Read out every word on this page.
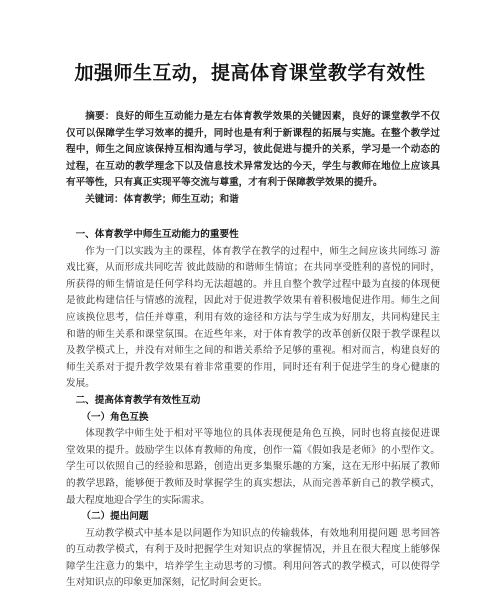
加强师生互动，提高体育课堂教学有效性

摘要：良好的师生互动能力是左右体育教学效果的关键因素，良好的课堂教学不仅仅可以保障学生学习效率的提升，同时也是有利于新课程的拓展与实施。在整个教学过程中，师生之间应该保持互相沟通与学习，彼此促进与提升的关系，学习是一个动态的过程，在互动的教学理念下以及信息技术异常发达的今天，学生与教师在地位上应该具有平等性，只有真正实现平等交流与尊重，才有利于保障教学效果的提升。

关键词：体育教学；师生互动；和谐

一、体育教学中师生互动能力的重要性

作为一门以实践为主的课程，体育教学在教学的过程中，师生之间应该共同练习 游戏比赛，从而形成共同吃苦 彼此鼓励的和谐师生情谊；在共同享受胜利的喜悦的同时，所获得的师生情谊是任何学科均无法超越的。并且自整个教学过程中最为直接的体现便是彼此构建信任与情感的流程，因此对于促进教学效果有着积极地促进作用。师生之间应该换位思考，信任并尊重，利用有效的途径和方法与学生成为好朋友，共同构建民主和谐的师生关系和课堂氛围。在近些年来，对于体育教学的改革创新仅限于教学课程以及教学模式上，并没有对师生之间的和谐关系给予足够的重视。相对而言，构建良好的师生关系对于提升教学效果有着非常重要的作用，同时还有利于促进学生的身心健康的发展。

二、提高体育教学有效性互动
（一）角色互换

体现教学中师生处于相对平等地位的具体表现便是角色互换，同时也将直接促进课堂效果的提升。鼓励学生以体育教师的角度，创作一篇《假如我是老师》的小型作文。学生可以依照自己的经验和思路，创造出更多集聚乐趣的方案，这在无形中拓展了教师的教学思路，能够便于教师及时掌握学生的真实想法，从而完善革新自己的教学模式，最大程度地迎合学生的实际需求。

（二）提出问题

互动教学模式中基本是以问题作为知识点的传输载体，有效地利用提问题 思考回答的互动教学模式，有利于及时把握学生对知识点的掌握情况，并且在很大程度上能够保障学生注意力的集中，培养学生主动思考的习惯。利用问答式的教学模式，可以使得学生对知识点的印象更加深刻，记忆时间会更长。
